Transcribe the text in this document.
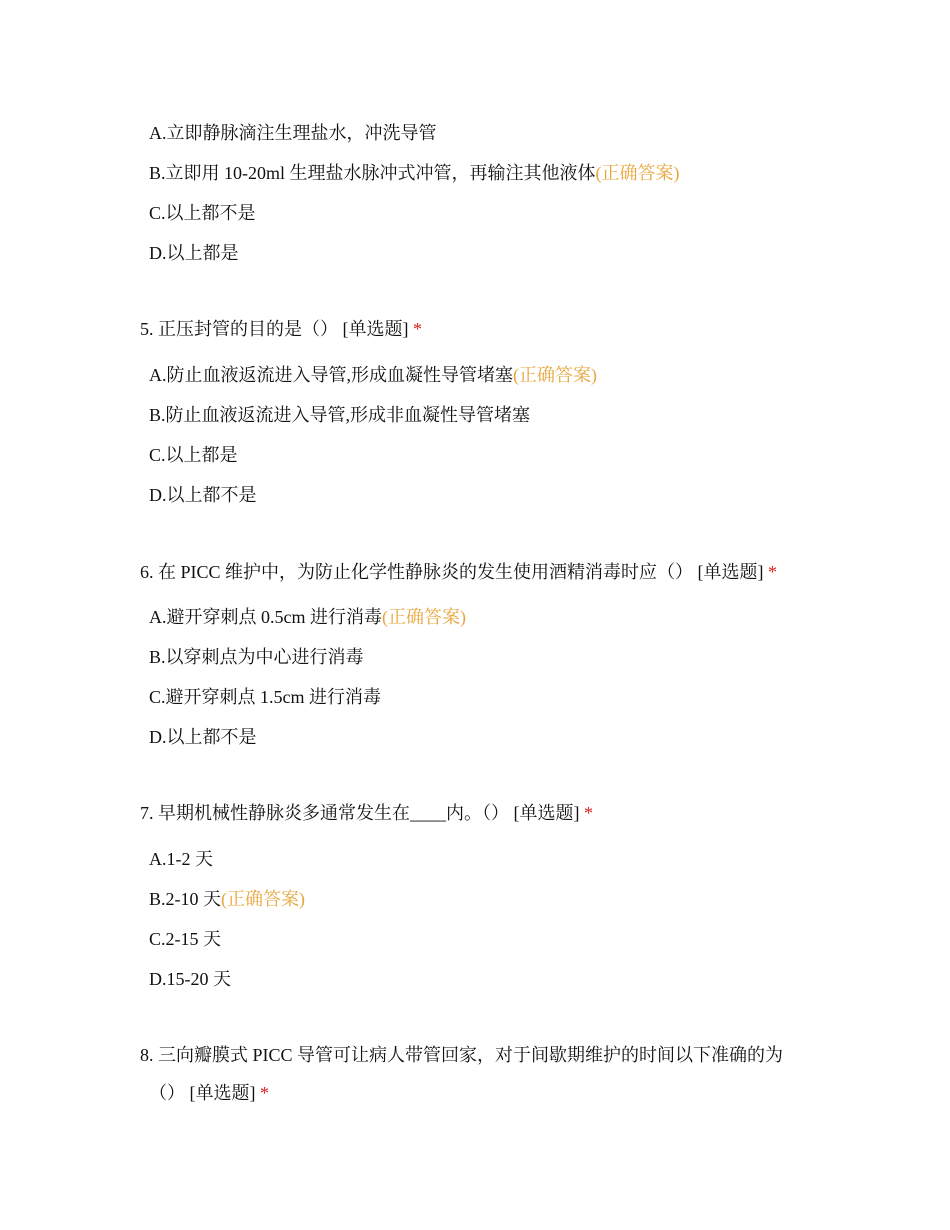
A.立即静脉滴注生理盐水，冲洗导管
B.立即用 10-20ml 生理盐水脉冲式冲管，再输注其他液体(正确答案)
C.以上都不是
D.以上都是
5. 正压封管的目的是（） [单选题] *
A.防止血液返流进入导管,形成血凝性导管堵塞(正确答案)
B.防止血液返流进入导管,形成非血凝性导管堵塞
C.以上都是
D.以上都不是
6. 在 PICC 维护中，为防止化学性静脉炎的发生使用酒精消毒时应（） [单选题] *
A.避开穿刺点 0.5cm 进行消毒(正确答案)
B.以穿刺点为中心进行消毒
C.避开穿刺点 1.5cm 进行消毒
D.以上都不是
7. 早期机械性静脉炎多通常发生在____内。（） [单选题] *
A.1-2 天
B.2-10 天(正确答案)
C.2-15 天
D.15-20 天
8. 三向瓣膜式 PICC 导管可让病人带管回家，对于间歇期维护的时间以下准确的为
（） [单选题] *
